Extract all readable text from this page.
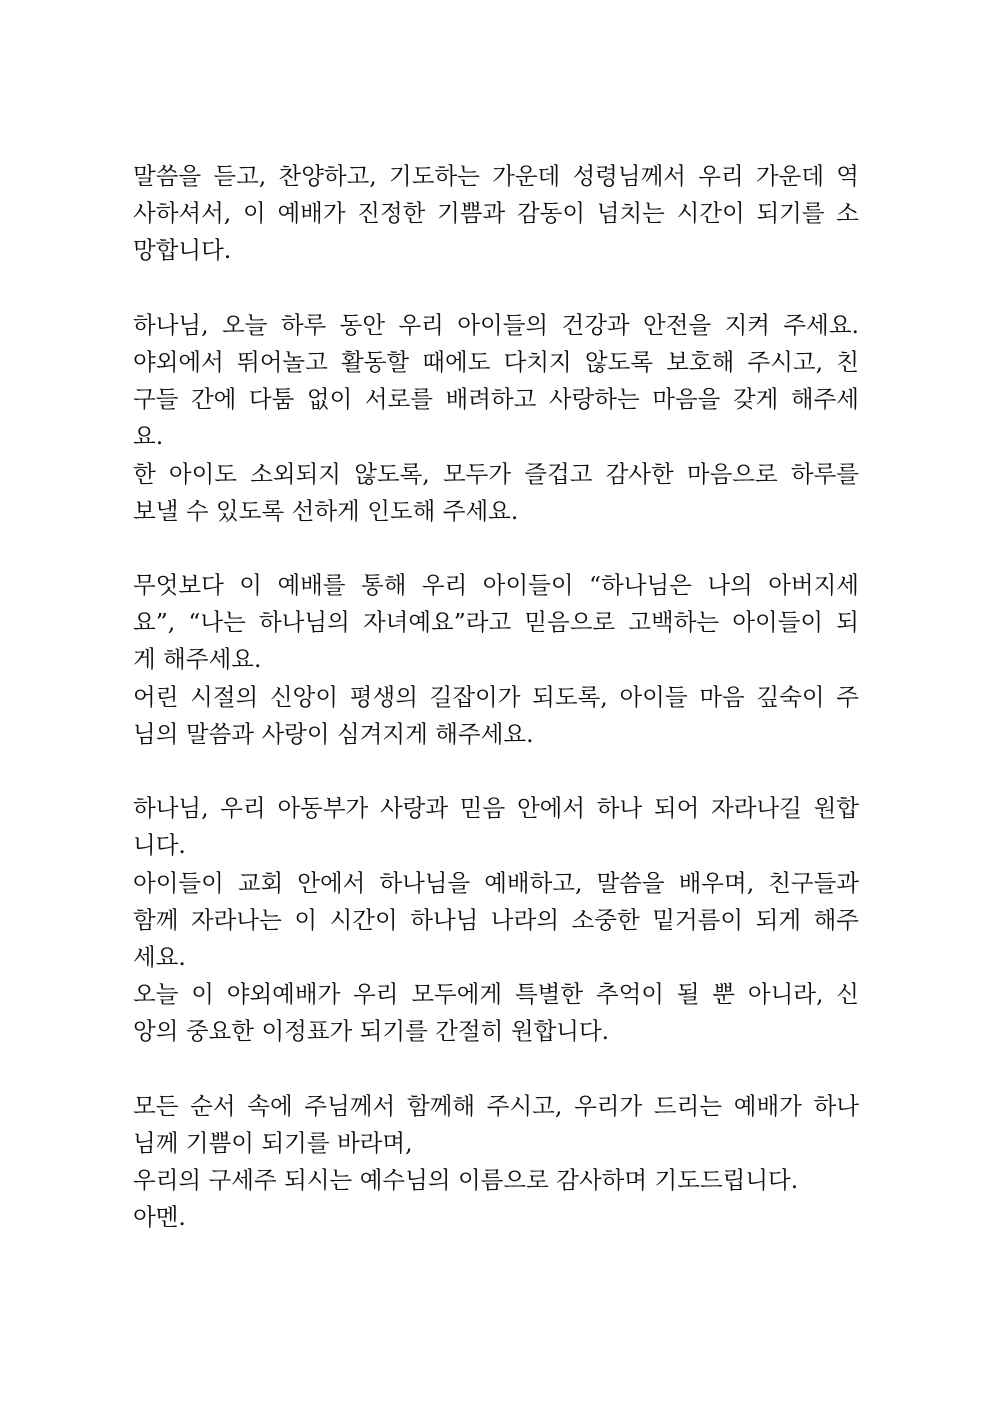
말씀을 듣고, 찬양하고, 기도하는 가운데 성령님께서 우리 가운데 역
사하셔서, 이 예배가 진정한 기쁨과 감동이 넘치는 시간이 되기를 소
망합니다.
하나님, 오늘 하루 동안 우리 아이들의 건강과 안전을 지켜 주세요.
야외에서 뛰어놀고 활동할 때에도 다치지 않도록 보호해 주시고, 친
구들 간에 다툼 없이 서로를 배려하고 사랑하는 마음을 갖게 해주세
요.
한 아이도 소외되지 않도록, 모두가 즐겁고 감사한 마음으로 하루를
보낼 수 있도록 선하게 인도해 주세요.
무엇보다 이 예배를 통해 우리 아이들이 “하나님은 나의 아버지세
요”, “나는 하나님의 자녀예요”라고 믿음으로 고백하는 아이들이 되
게 해주세요.
어린 시절의 신앙이 평생의 길잡이가 되도록, 아이들 마음 깊숙이 주
님의 말씀과 사랑이 심겨지게 해주세요.
하나님, 우리 아동부가 사랑과 믿음 안에서 하나 되어 자라나길 원합
니다.
아이들이 교회 안에서 하나님을 예배하고, 말씀을 배우며, 친구들과
함께 자라나는 이 시간이 하나님 나라의 소중한 밑거름이 되게 해주
세요.
오늘 이 야외예배가 우리 모두에게 특별한 추억이 될 뿐 아니라, 신
앙의 중요한 이정표가 되기를 간절히 원합니다.
모든 순서 속에 주님께서 함께해 주시고, 우리가 드리는 예배가 하나
님께 기쁨이 되기를 바라며,
우리의 구세주 되시는 예수님의 이름으로 감사하며 기도드립니다.
아멘.
